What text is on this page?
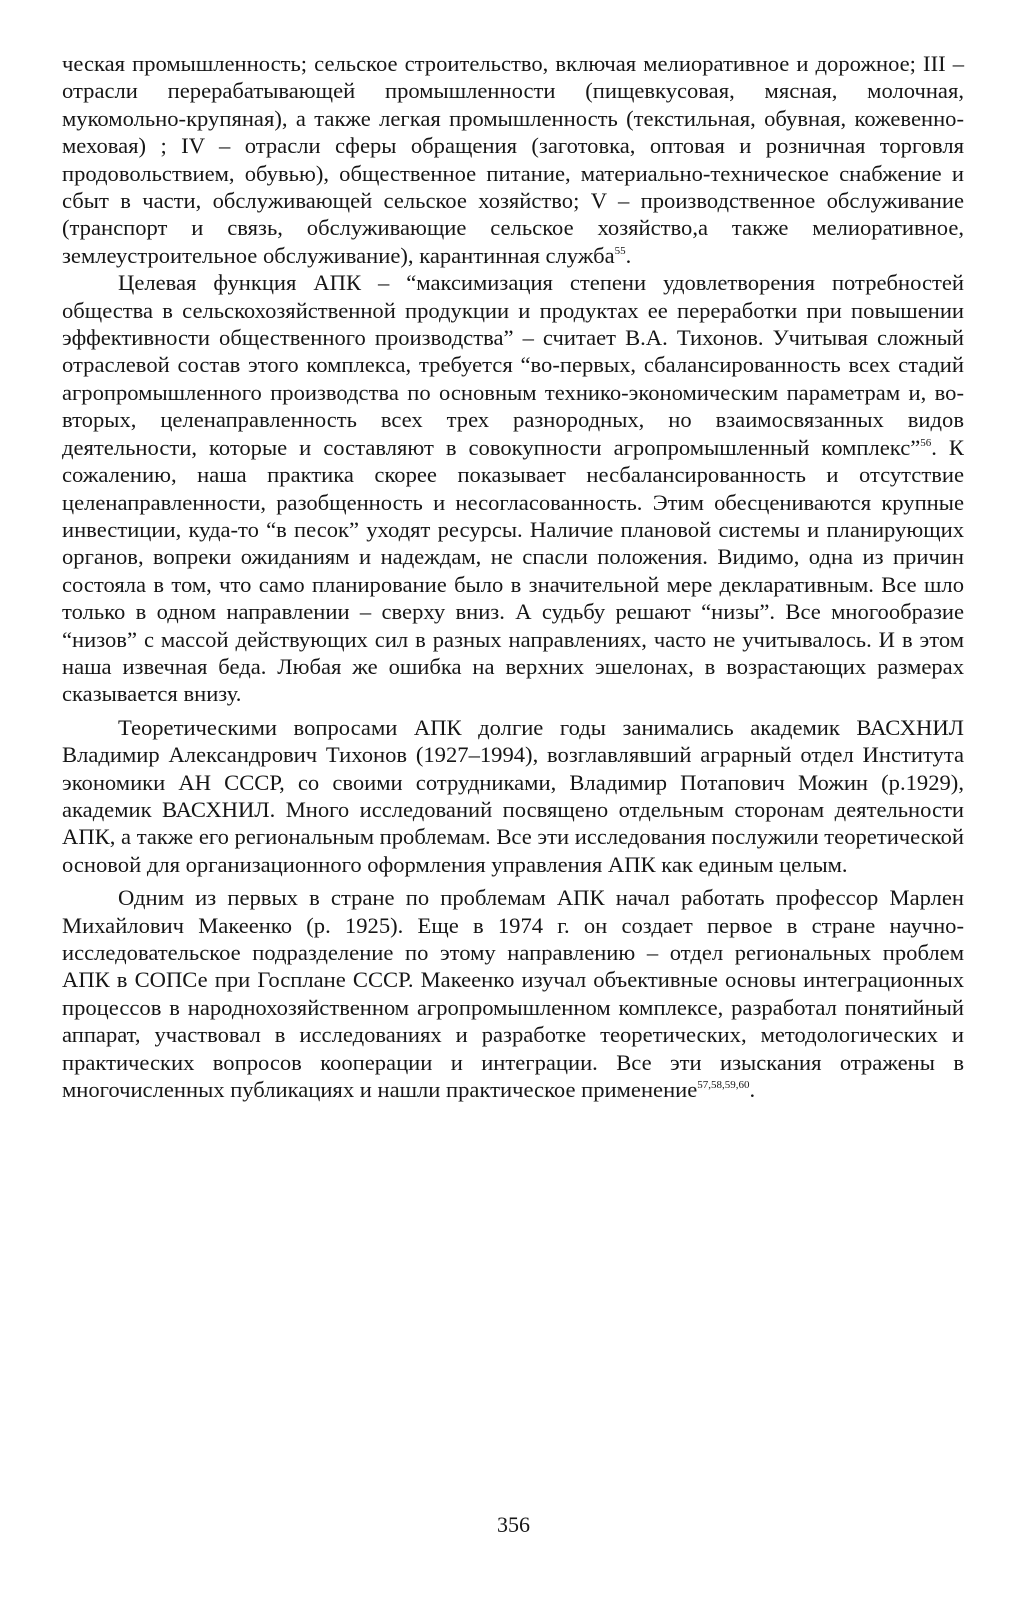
ческая промышленность; сельское строительство, включая мелиоративное и дорожное; III – отрасли перерабатывающей промышленности (пищевкусовая, мясная, молочная, мукомольно-крупяная), а также легкая промышленность (текстильная, обувная, кожевенно-меховая) ; IV – отрасли сферы обращения (заготовка, оптовая и розничная торговля продовольствием, обувью), общественное питание, материально-техническое снабжение и сбыт в части, обслуживающей сельское хозяйство; V – производственное обслуживание (транспорт и связь, обслуживающие сельское хозяйство,а также мелиоративное, землеустроительное обслуживание), карантинная служба$^{55}$.

Целевая функция АПК – “максимизация степени удовлетворения потребностей общества в сельскохозяйственной продукции и продуктах ее переработки при повышении эффективности общественного производства” – считает В.А. Тихонов. Учитывая сложный отраслевой состав этого комплекса, требуется “во-первых, сбалансированность всех стадий агропромышленного производства по основным технико-экономическим параметрам и, во-вторых, целенаправленность всех трех разнородных, но взаимосвязанных видов деятельности, которые и составляют в совокупности агропромышленный комплекс”$^{56}$. К сожалению, наша практика скорее показывает несбалансированность и отсутствие целенаправленности, разобщенность и несогласованность. Этим обесцениваются крупные инвестиции, куда-то “в песок” уходят ресурсы. Наличие плановой системы и планирующих органов, вопреки ожиданиям и надеждам, не спасли положения. Видимо, одна из причин состояла в том, что само планирование было в значительной мере декларативным. Все шло только в одном направлении – сверху вниз. А судьбу решают “низы”. Все многообразие “низов” с массой действующих сил в разных направлениях, часто не учитывалось. И в этом наша извечная беда. Любая же ошибка на верхних эшелонах, в возрастающих размерах сказывается внизу.

Теоретическими вопросами АПК долгие годы занимались академик ВАСХНИЛ Владимир Александрович Тихонов (1927–1994), возглавлявший аграрный отдел Института экономики АН СССР, со своими сотрудниками, Владимир Потапович Можин (р.1929), академик ВАСХНИЛ. Много исследований посвящено отдельным сторонам деятельности АПК, а также его региональным проблемам. Все эти исследования послужили теоретической основой для организационного оформления управления АПК как единым целым.

Одним из первых в стране по проблемам АПК начал работать профессор Марлен Михайлович Макеенко (р. 1925). Еще в 1974 г. он создает первое в стране научно-исследовательское подразделение по этому направлению – отдел региональных проблем АПК в СОПСе при Госплане СССР. Макеенко изучал объективные основы интеграционных процессов в народнохозяйственном агропромышленном комплексе, разработал понятийный аппарат, участвовал в исследованиях и разработке теоретических, методологических и практических вопросов кооперации и интеграции. Все эти изыскания отражены в многочисленных публикациях и нашли практическое применение$^{57,58,59,60}$.

356
